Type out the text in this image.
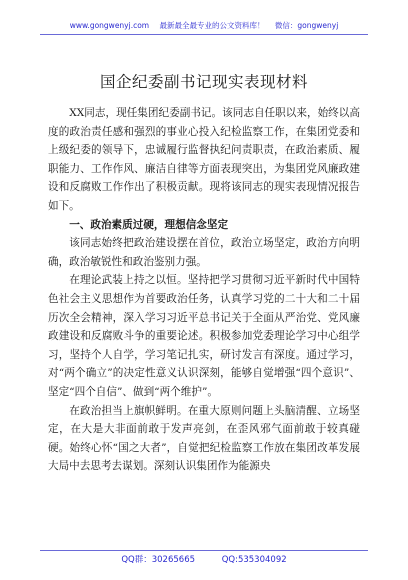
www.gongwenyj.com 最新最全最专业的公文资料库！ 微信：gongwenyj
国企纪委副书记现实表现材料

XX同志，现任集团纪委副书记。该同志自任职以来，始终以高度的政治责任感和强烈的事业心投入纪检监察工作，在集团党委和上级纪委的领导下，忠诚履行监督执纪问责职责，在政治素质、履职能力、工作作风、廉洁自律等方面表现突出，为集团党风廉政建设和反腐败工作作出了积极贡献。现将该同志的现实表现情况报告如下。

一、政治素质过硬，理想信念坚定

该同志始终把政治建设摆在首位，政治立场坚定，政治方向明确，政治敏锐性和政治鉴别力强。

在理论武装上持之以恒。坚持把学习贯彻习近平新时代中国特色社会主义思想作为首要政治任务，认真学习党的二十大和二十届历次全会精神，深入学习习近平总书记关于全面从严治党、党风廉政建设和反腐败斗争的重要论述。积极参加党委理论学习中心组学习，坚持个人自学，学习笔记扎实，研讨发言有深度。通过学习，对“两个确立”的决定性意义认识深刻，能够自觉增强“四个意识”、坚定“四个自信”、做到“两个维护”。

在政治担当上旗帜鲜明。在重大原则问题上头脑清醒、立场坚定，在大是大非面前敢于发声亮剑，在歪风邪气面前敢于较真碰硬。始终心怀“国之大者”，自觉把纪检监察工作放在集团改革发展大局中去思考去谋划。深刻认识集团作为能源央

QQ群：30265665	QQ:535304092
